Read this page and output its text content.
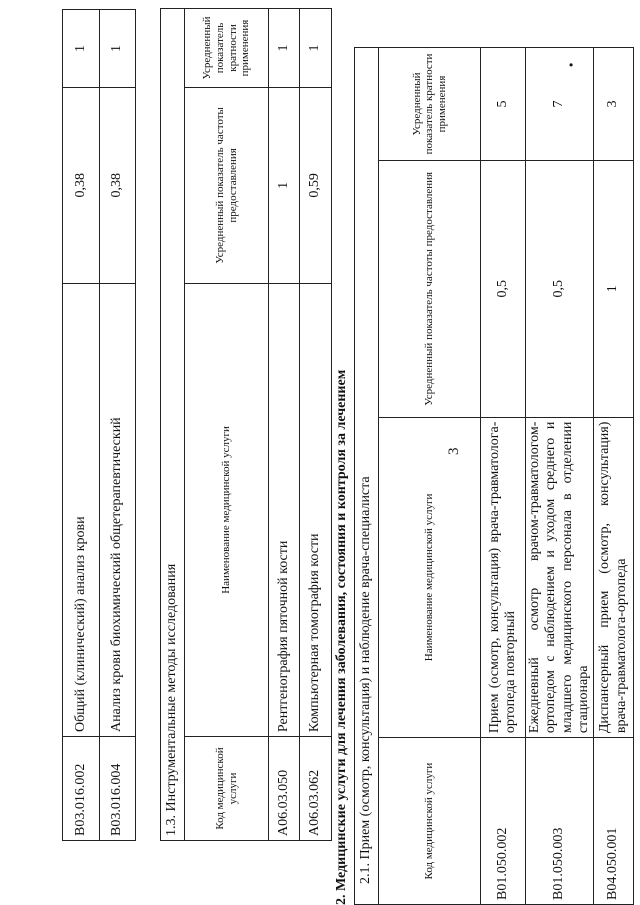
3
•
B03.016.002	Общий (клинический) анализ крови	0,38	1
B03.016.004	Анализ крови биохимический общетерапевтический	0,38	1
1.3. Инструментальные методы исследования			
Код медицинской услуги	Наименование медицинской услуги	Усредненный показатель частоты предоставления	Усредненный показатель кратности применения
A06.03.050	Рентгенография пяточной кости	1	1
A06.03.062	Компьютерная томография кости	0,59	1
2. Медицинские услуги для лечения заболевания, состояния и контроля за лечением 2.1. Прием (осмотр, консультация) и наблюдение врача-специалиста			
Код медицинской услуги	Наименование медицинской услуги	Усредненный показатель частоты предоставления	Усредненный показатель кратности применения
B01.050.002	Прием (осмотр, консультация) врача-травматолога-ортопеда повторный	0,5	5
B01.050.003	Ежедневный осмотр врачом-травматологом-ортопедом с наблюдением и уходом среднего и младшего медицинского персонала в отделении стационара	0,5	7
B04.050.001	Диспансерный прием (осмотр, консультация) врача-травматолога-ортопеда	1	3
